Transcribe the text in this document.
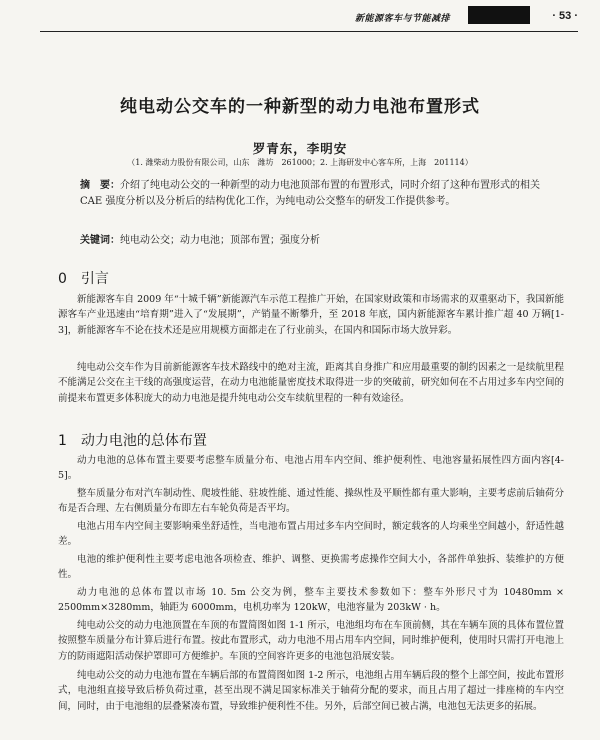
新能源客车与节能减排	· 53 ·
纯电动公交车的一种新型的动力电池布置形式
罗青东，李明安
（1. 潍柴动力股份有限公司，山东　潍坊　261000；2. 上海研发中心客车所，上海　201114）
摘　要：介绍了纯电动公交的一种新型的动力电池顶部布置的布置形式，同时介绍了这种布置形式的相关CAE 强度分析以及分析后的结构优化工作，为纯电动公交整车的研发工作提供参考。
关键词：纯电动公交；动力电池；顶部布置；强度分析
0 引言

新能源客车自 2009 年“十城千辆”新能源汽车示范工程推广开始，在国家财政策和市场需求的双重驱动下，我国新能源客车产业迅速由“培育期”进入了“发展期”，产销量不断攀升，至 2018 年底，国内新能源客车累计推广超 40 万辆[1-3]，新能源客车不论在技术还是应用规模方面都走在了行业前头，在国内和国际市场大放异彩。

纯电动公交车作为目前新能源客车技术路线中的绝对主流，距离其自身推广和应用最重要的制约因素之一是续航里程不能满足公交在主干线的高强度运营，在动力电池能量密度技术取得进一步的突破前，研究如何在不占用过多车内空间的前提来布置更多体积庞大的动力电池是提升纯电动公交车续航里程的一种有效途径。

1 动力电池的总体布置

动力电池的总体布置主要要考虑整车质量分布、电池占用车内空间、维护便利性、电池容量拓展性四方面内容[4-5]。

整车质量分布对汽车制动性、爬坡性能、驻坡性能、通过性能、操纵性及平顺性都有重大影响，主要考虑前后轴荷分布是否合理、左右侧质量分布即左右车轮负荷是否平均。

电池占用车内空间主要影响乘坐舒适性，当电池布置占用过多车内空间时，额定载客的人均乘坐空间越小，舒适性越差。

电池的维护便利性主要考虑电池各项检查、维护、调整、更换需考虑操作空间大小，各部件单独拆、装维护的方便性。

动力电池的总体布置以市场 10. 5m 公交为例，整车主要技术参数如下：整车外形尺寸为 10480mm × 2500mm×3280mm，轴距为 6000mm，电机功率为 120kW，电池容量为 203kW · h。

纯电动公交的动力电池顶置在车顶的布置简图如图 1-1 所示，电池组均布在车顶前侧，其在车辆车顶的具体布置位置按照整车质量分布计算后进行布置。按此布置形式，动力电池不用占用车内空间，同时维护便利，使用时只需打开电池上方的防雨遮阳活动保护罩即可方便维护。车顶的空间容许更多的电池包沿展安装。

纯电动公交的动力电池布置在车辆后部的布置简图如图 1-2 所示，电池组占用车辆后段的整个上部空间，按此布置形式，电池组直接导致后桥负荷过重，甚至出现不满足国家标准关于轴荷分配的要求，而且占用了超过一排座椅的车内空间，同时，由于电池组的层叠紧凑布置，导致维护便利性不佳。另外，后部空间已被占满，电池包无法更多的拓展。
